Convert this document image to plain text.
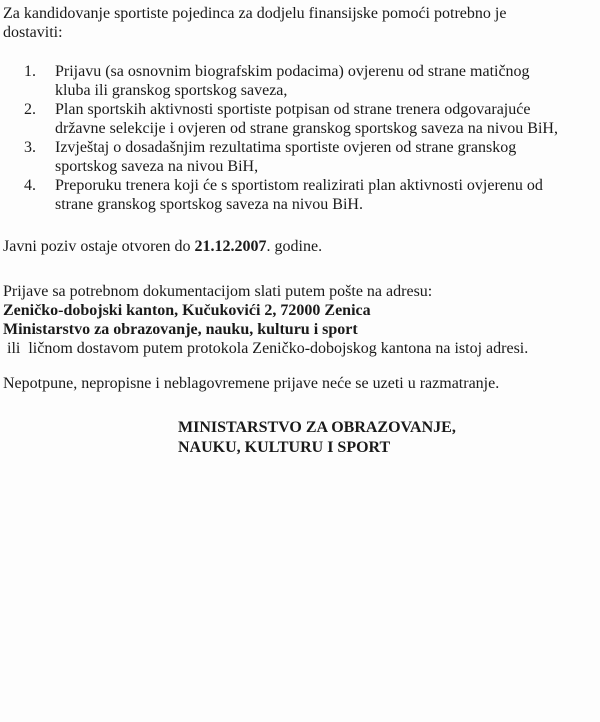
Za kandidovanje sportiste pojedinca za dodjelu finansijske pomoći potrebno je
dostaviti:
1.	Prijavu (sa osnovnim biografskim podacima) ovjerenu od strane matičnog
kluba ili granskog sportskog saveza,
2.	Plan sportskih aktivnosti sportiste potpisan od strane trenera odgovarajuće
državne selekcije i ovjeren od strane granskog sportskog saveza na nivou BiH,
3.	Izvještaj o dosadašnjim rezultatima sportiste ovjeren od strane granskog
sportskog saveza na nivou BiH,
4.	Preporuku trenera koji će s sportistom realizirati plan aktivnosti ovjerenu od
strane granskog sportskog saveza na nivou BiH.
Javni poziv ostaje otvoren do 21.12.2007. godine.
Prijave sa potrebnom dokumentacijom slati putem pošte na adresu:
Zeničko-dobojski kanton, Kučukovići 2, 72000 Zenica
Ministarstvo za obrazovanje, nauku, kulturu i sport
ili  ličnom dostavom putem protokola Zeničko-dobojskog kantona na istoj adresi.
Nepotpune, nepropisne i neblagovremene prijave neće se uzeti u razmatranje.
MINISTARSTVO ZA OBRAZOVANJE,
NAUKU, KULTURU I SPORT
